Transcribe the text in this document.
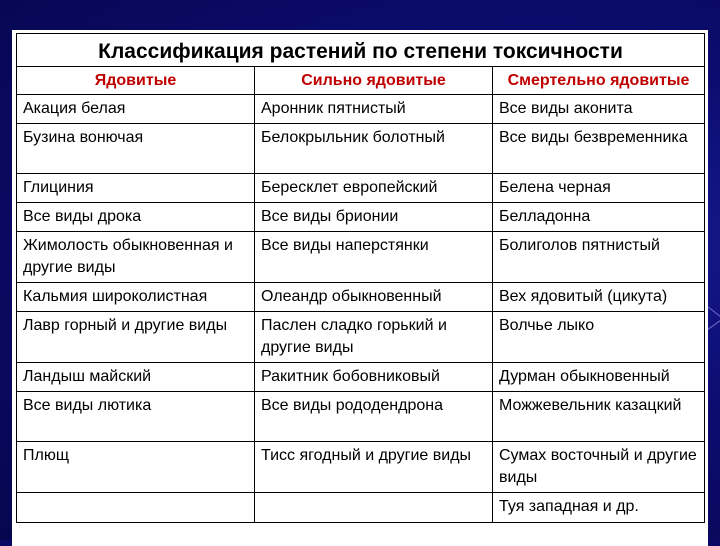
Классификация растений по степени токсичности		
Ядовитые	Сильно ядовитые	Смертельно ядовитые
Акация белая	Аронник пятнистый	Все виды аконита
Бузина вонючая	Белокрыльник болотный	Все виды безвременника
Глициния	Бересклет европейский	Белена черная
Все виды дрока	Все виды брионии	Белладонна
Жимолость обыкновенная и другие виды	Все виды наперстянки	Болиголов пятнистый
Кальмия широколистная	Олеандр обыкновенный	Вех ядовитый (цикута)
Лавр горный и другие виды	Паслен сладко горький и другие виды	Волчье лыко
Ландыш майский	Ракитник бобовниковый	Дурман обыкновенный
Все виды лютика	Все виды рододендрона	Можжевельник казацкий
Плющ	Тисс ягодный и другие виды	Сумах восточный и другие виды
		Туя западная и др.
